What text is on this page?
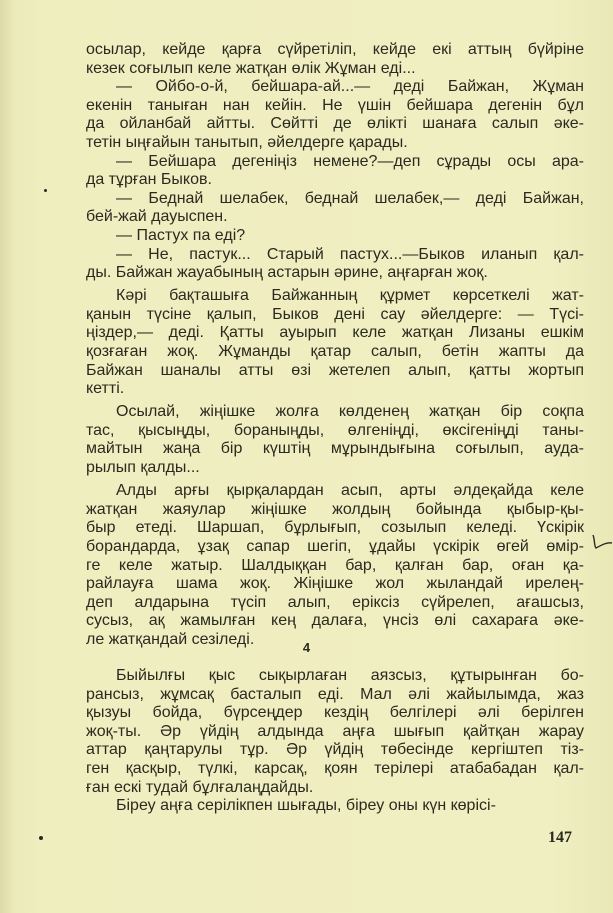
осылар, кейде қарға сүйретіліп, кейде екі аттың бүйріне
кезек соғылып келе жатқан өлік Жұман еді...
— Ойбо-о-й, бейшара-ай...— деді Байжан, Жұман
екенін таныған нан кейін. Не үшін бейшара дегенін бұл
да ойланбай айтты. Сөйтті де өлікті шанаға салып әке-
тетін ыңғайын танытып, әйелдерге қарады.
— Бейшара дегеніңіз немене?—деп сұрады осы ара-
да тұрған Быков.
— Беднай шелабек, беднай шелабек,— деді Байжан,
бей-жай дауыспен.
— Пастух па еді?
— Не, пастук... Старый пастух...—Быков иланып қал-
ды. Байжан жауабының астарын әрине, аңғарған жоқ.
Кәрі бақташыға Байжанның құрмет көрсеткелі жат-
қанын түсіне қалып, Быков дені сау әйелдерге: — Түсі-
ңіздер,— деді. Қатты ауырып келе жатқан Лизаны ешкім
қозғаған жоқ. Жұманды қатар салып, бетін жапты да
Байжан шаналы атты өзі жетелеп алып, қатты жортып
кетті.
Осылай, жіңішке жолға көлденең жатқан бір соқпа
тас, қысыңды, бораныңды, өлгеніңді, өксігеніңді таны-
майтын жаңа бір күштің мұрындығына соғылып, ауда-
рылып қалды...
Алды арғы қырқалардан асып, арты әлдеқайда келе
жатқан жаяулар жіңішке жолдың бойында қыбыр-қы-
быр етеді. Шаршап, бұрлығып, созылып келеді. Үскірік
борандарда, ұзақ сапар шегіп, ұдайы үскірік өгей өмір-
ге келе жатыр. Шалдыққан бар, қалған бар, оған қа-
райлауға шама жоқ. Жіңішке жол жыландай ирелең-
деп алдарына түсіп алып, еріксіз сүйрелеп, ағашсыз,
сусыз, ақ жамылған кең далаға, үнсіз өлі сахараға әке-
ле жатқандай сезіледі.	4
Быйылғы қыс сықырлаған аязсыз, құтырынған бо-
рансыз, жұмсақ басталып еді. Мал әлі жайылымда, жаз
қызуы бойда, бүрсеңдер кездің белгілері әлі берілген
жоқ-ты. Әр үйдің алдында аңға шығып қайтқан жарау
аттар қаңтарулы тұр. Әр үйдің төбесінде кергіштеп тіз-
ген қасқыр, түлкі, карсақ, қоян терілері атабабадан қал-
ған ескі тудай бұлғалаңдайды.
Біреу аңға серілікпен шығады, біреу оны күн көрісі-
147
